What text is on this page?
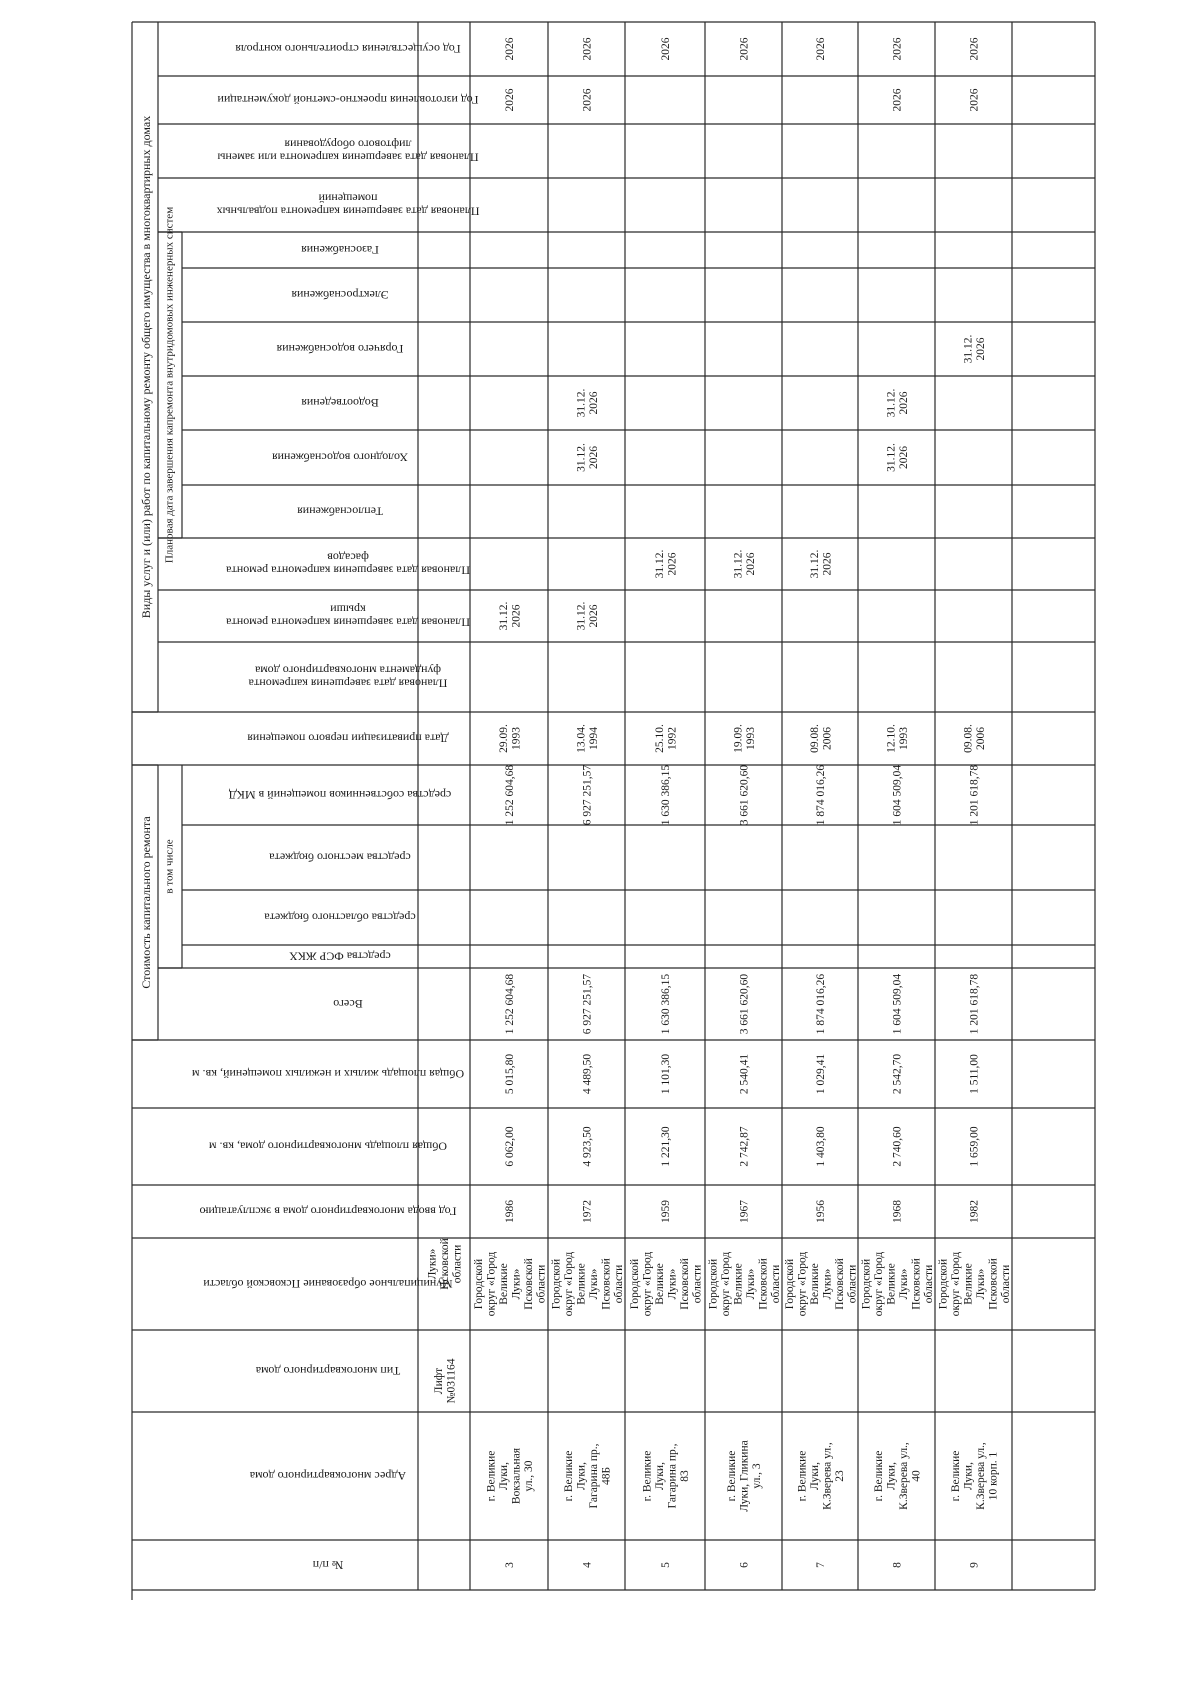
Виды услуг и (или) работ по капитальному ремонту общего имущества в многоквартирных домах
Стоимость капитального ремонта в том числе
Плановая дата завершения капремонта внутридомовых инженерных систем
Год осуществления строительного контроля
Год изготовления проектно-сметной документации
Плановая дата завершения капремонта или заменылифтового оборудования
Плановая дата завершения капремонта подвальныхпомещений
Газоснабжения
Электроснабжения
Горячего водоснабжения
Водоотведения
Холодного водоснабжения
Теплоснабжения
Плановая дата завершения капремонта ремонтафасадов
Плановая дата завершения капремонта ремонтакрыши
Плановая дата завершения капремонтафундамента многоквартирного дома
Дата приватизации первого помещения
средства собственников помещений в МКД
средства местного бюджета
средства областного бюджета
средства ФСР ЖКХ
Всего
Общая площадь жилых и нежилых помещений, кв. м
Общая площадь многоквартирного дома, кв. м
Год ввода многоквартирного дома в эксплуатацию
Муниципальное образование Псковской области
Тип многоквартирного дома
Адрес многоквартирного дома
№ п/п
Лифт№031164
Луки»Псковскойобласти
3
г. ВеликиеЛуки,Вокзальнаяул., 30
Городскойокруг «ГородВеликиеЛуки»Псковскойобласти
1986
6 062,00
5 015,80
1 252 604,68
1 252 604,68
29.09.1993
31.12.2026
2026
2026
4
г. ВеликиеЛуки,Гагарина пр.,48Б
Городскойокруг «ГородВеликиеЛуки»Псковскойобласти
1972
4 923,50
4 489,50
6 927 251,57
6 927 251,57
13.04.1994
31.12.2026
31.12.2026
31.12.2026
2026
2026
5
г. ВеликиеЛуки,Гагарина пр.,83
Городскойокруг «ГородВеликиеЛуки»Псковскойобласти
1959
1 221,30
1 101,30
1 630 386,15
1 630 386,15
25.10.1992
31.12.2026
2026
6
г. ВеликиеЛуки, Гликинаул., 3
Городскойокруг «ГородВеликиеЛуки»Псковскойобласти
1967
2 742,87
2 540,41
3 661 620,60
3 661 620,60
19.09.1993
31.12.2026
2026
7
г. ВеликиеЛуки,К.Зверева ул.,23
Городскойокруг «ГородВеликиеЛуки»Псковскойобласти
1956
1 403,80
1 029,41
1 874 016,26
1 874 016,26
09.08.2006
31.12.2026
2026
8
г. ВеликиеЛуки,К.Зверева ул.,40
Городскойокруг «ГородВеликиеЛуки»Псковскойобласти
1968
2 740,60
2 542,70
1 604 509,04
1 604 509,04
12.10.1993
31.12.2026
31.12.2026
2026
2026
9
г. ВеликиеЛуки,К.Зверева ул.,10 корп. 1
Городскойокруг «ГородВеликиеЛуки»Псковскойобласти
1982
1 659,00
1 511,00
1 201 618,78
1 201 618,78
09.08.2006
31.12.2026
2026
2026
